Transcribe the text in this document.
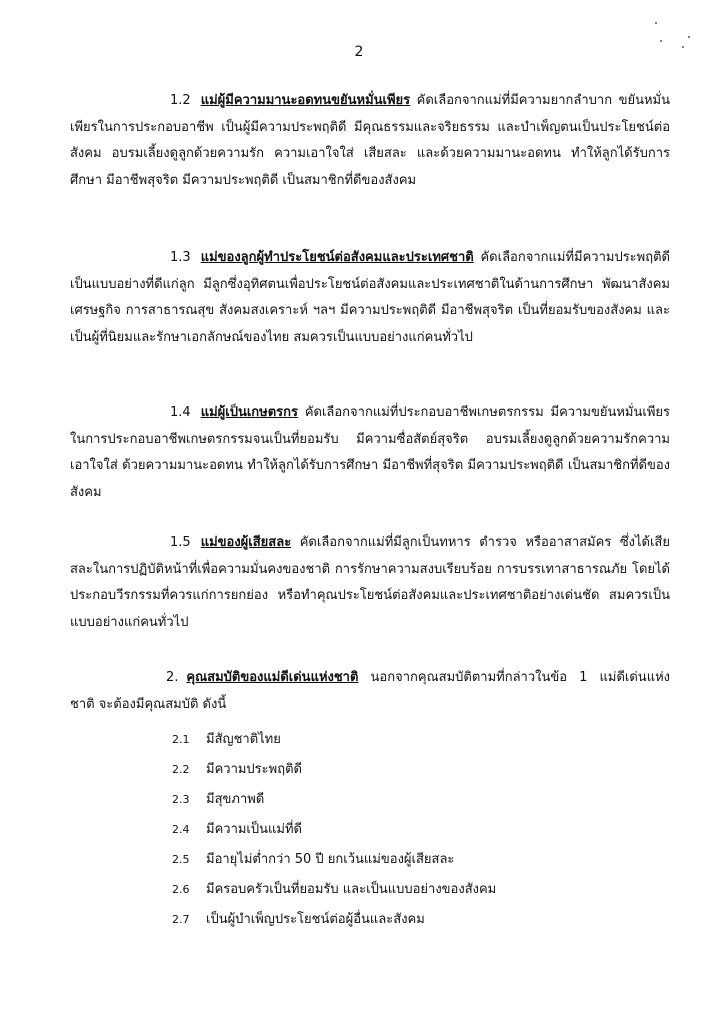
2
1.2 แม่ผู้มีความมานะอดทนขยันหมั่นเพียร คัดเลือกจากแม่ที่มีความยากลำบาก ขยันหมั่นเพียรในการประกอบอาชีพ เป็นผู้มีความประพฤติดี มีคุณธรรมและจริยธรรม และบำเพ็ญตนเป็นประโยชน์ต่อสังคม อบรมเลี้ยงดูลูกด้วยความรัก ความเอาใจใส่ เสียสละ และด้วยความมานะอดทน ทำให้ลูกได้รับการศึกษา มีอาชีพสุจริต มีความประพฤติดี เป็นสมาชิกที่ดีของสังคม
1.3 แม่ของลูกผู้ทำประโยชน์ต่อสังคมและประเทศชาติ คัดเลือกจากแม่ที่มีความประพฤติดีเป็นแบบอย่างที่ดีแก่ลูก มีลูกซึ่งอุทิศตนเพื่อประโยชน์ต่อสังคมและประเทศชาติในด้านการศึกษา พัฒนาสังคม เศรษฐกิจ การสาธารณสุข สังคมสงเคราะห์ ฯลฯ มีความประพฤติดี มีอาชีพสุจริต เป็นที่ยอมรับของสังคม และเป็นผู้ที่นิยมและรักษาเอกลักษณ์ของไทย สมควรเป็นแบบอย่างแก่คนทั่วไป
1.4 แม่ผู้เป็นเกษตรกร คัดเลือกจากแม่ที่ประกอบอาชีพเกษตรกรรม มีความขยันหมั่นเพียรในการประกอบอาชีพเกษตรกรรมจนเป็นที่ยอมรับ มีความซื่อสัตย์สุจริต อบรมเลี้ยงดูลูกด้วยความรักความเอาใจใส่ ด้วยความมานะอดทน ทำให้ลูกได้รับการศึกษา มีอาชีพที่สุจริต มีความประพฤติดี เป็นสมาชิกที่ดีของสังคม
1.5 แม่ของผู้เสียสละ คัดเลือกจากแม่ที่มีลูกเป็นทหาร ตำรวจ หรืออาสาสมัคร ซึ่งได้เสียสละในการปฏิบัติหน้าที่เพื่อความมั่นคงของชาติ การรักษาความสงบเรียบร้อย การบรรเทาสาธารณภัย โดยได้ประกอบวีรกรรมที่ควรแก่การยกย่อง หรือทำคุณประโยชน์ต่อสังคมและประเทศชาติอย่างเด่นชัด สมควรเป็นแบบอย่างแก่คนทั่วไป
2. คุณสมบัติของแม่ดีเด่นแห่งชาติ นอกจากคุณสมบัติตามที่กล่าวในข้อ 1 แม่ดีเด่นแห่งชาติ จะต้องมีคุณสมบัติ ดังนี้
2.1 มีสัญชาติไทย
2.2 มีความประพฤติดี
2.3 มีสุขภาพดี
2.4 มีความเป็นแม่ที่ดี
2.5 มีอายุไม่ต่ำกว่า 50 ปี ยกเว้นแม่ของผู้เสียสละ
2.6 มีครอบครัวเป็นที่ยอมรับ และเป็นแบบอย่างของสังคม
2.7 เป็นผู้บำเพ็ญประโยชน์ต่อผู้อื่นและสังคม
